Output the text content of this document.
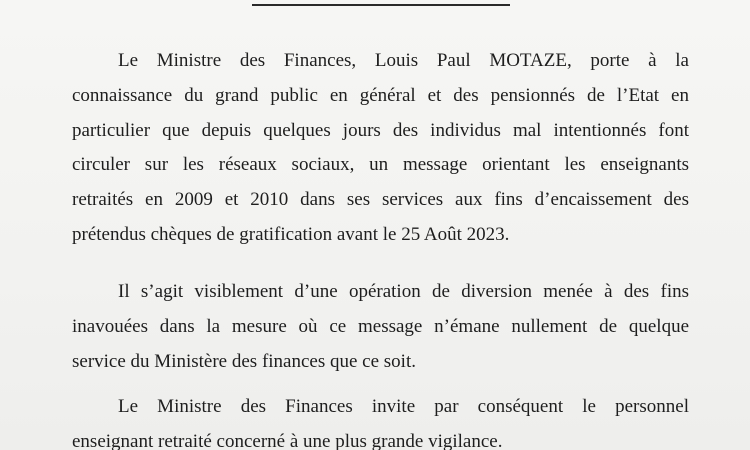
Le Ministre des Finances, Louis Paul MOTAZE, porte à la
connaissance du grand public en général et des pensionnés de l’Etat en
particulier que depuis quelques jours des individus mal intentionnés font
circuler sur les réseaux sociaux, un message orientant les enseignants
retraités en 2009 et 2010 dans ses services aux fins d’encaissement des
prétendus chèques de gratification avant le 25 Août 2023.
Il s’agit visiblement d’une opération de diversion menée à des fins
inavouées dans la mesure où ce message n’émane nullement de quelque
service du Ministère des finances que ce soit.
Le Ministre des Finances invite par conséquent le personnel
enseignant retraité concerné à une plus grande vigilance.
